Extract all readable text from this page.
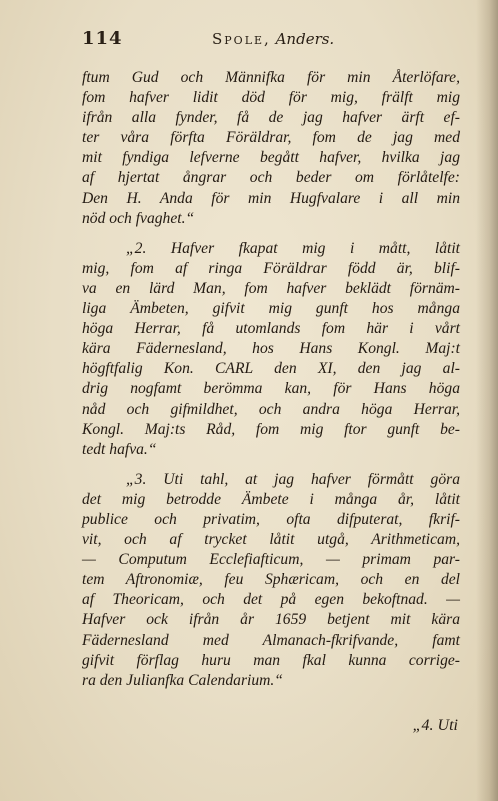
114	Spole, Anders.

ftum Gud och Männifka för min Återlöfare,
fom hafver lidit död för mig, frälft mig
ifrån alla fynder, få de jag hafver ärft ef-
ter våra förfta Föräldrar, fom de jag med
mit fyndiga lefverne begått hafver, hvilka jag
af hjertat ångrar och beder om förlåtelfe:
Den H. Anda för min Hugfvalare i all min
nöd och fvaghet.“

„2. Hafver fkapat mig i mått, låtit
mig, fom af ringa Föräldrar född är, blif-
va en lärd Man, fom hafver beklädt förnäm-
liga Ämbeten, gifvit mig gunft hos många
höga Herrar, få utomlands fom här i vårt
kära Fädernesland, hos Hans Kongl. Maj:t
högftfalig Kon. CARL den XI, den jag al-
drig nogfamt berömma kan, för Hans höga
nåd och gifmildhet, och andra höga Herrar,
Kongl. Maj:ts Råd, fom mig ftor gunft be-
tedt hafva.“

„3. Uti tahl, at jag hafver förmått göra
det mig betrodde Ämbete i många år, låtit
publice och privatim, ofta difputerat, fkrif-
vit, och af trycket låtit utgå, Arithmeticam,
— Computum Ecclefiafticum, — primam par-
tem Aftronomiæ, feu Sphæricam, och en del
af Theoricam, och det på egen bekoftnad. —
Hafver ock ifrån år 1659 betjent mit kära
Fädernesland med Almanach-fkrifvande, famt
gifvit förflag huru man fkal kunna corrige-
ra den Julianfka Calendarium.“

„4. Uti
